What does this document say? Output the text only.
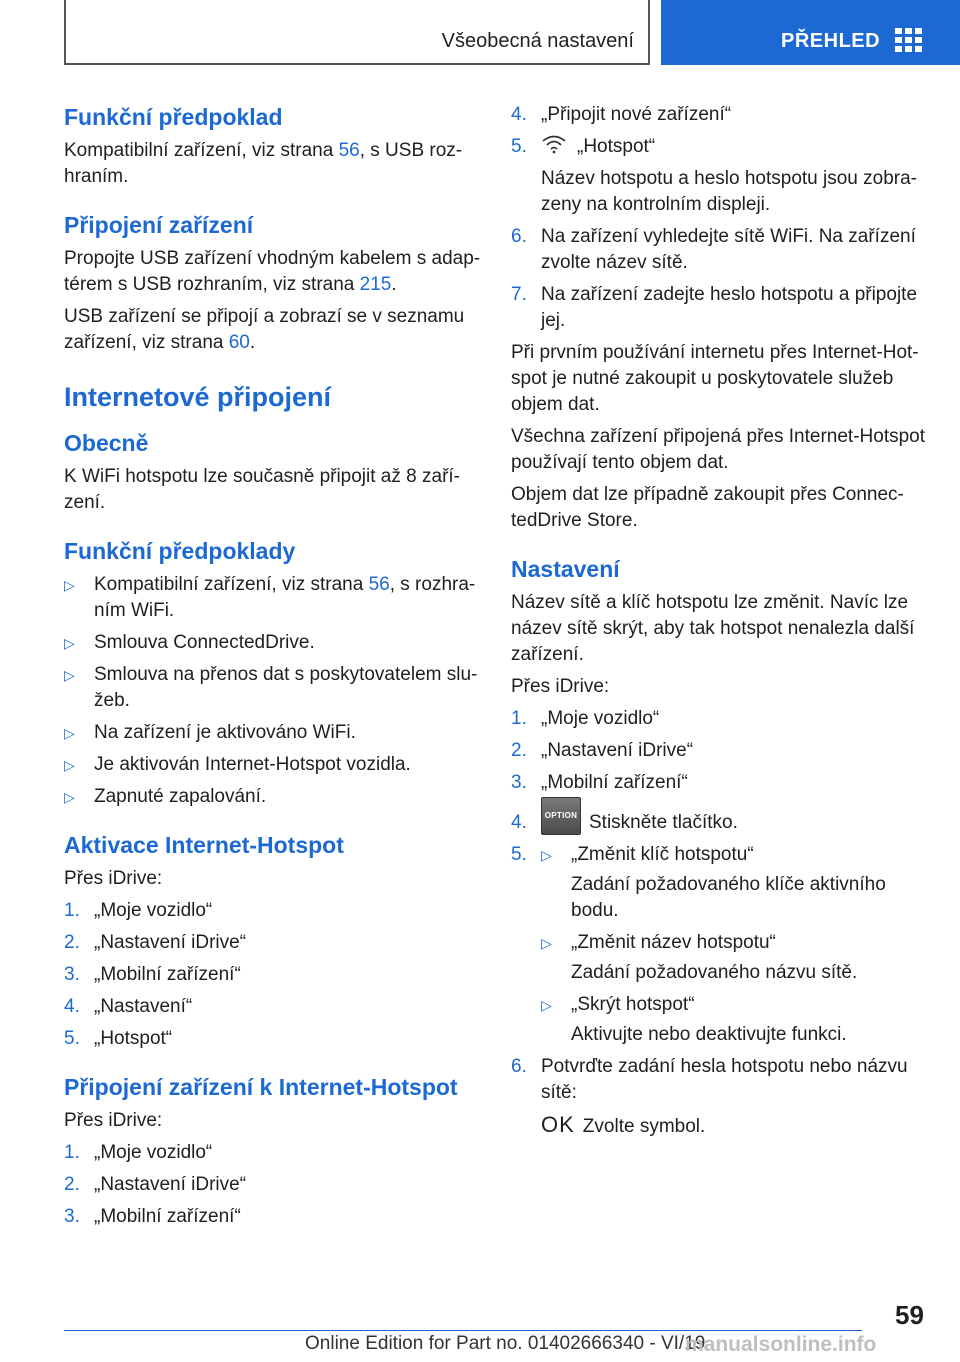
Všeobecná nastavení	PŘEHLED
Funkční předpoklad

Kompatibilní zařízení, viz strana 56, s USB roz‐ hraním.

Připojení zařízení

Propojte USB zařízení vhodným kabelem s adap‐ térem s USB rozhraním, viz strana 215.

USB zařízení se připojí a zobrazí se v seznamu zařízení, viz strana 60.

Internetové připojení
Obecně

K WiFi hotspotu lze současně připojit až 8 zaří‐ zení.

Funkční předpoklady
▷ Kompatibilní zařízení, viz strana 56, s rozhra‐ ním WiFi.
▷ Smlouva ConnectedDrive.
▷ Smlouva na přenos dat s poskytovatelem slu‐ žeb.
▷ Na zařízení je aktivováno WiFi.
▷ Je aktivován Internet-Hotspot vozidla.
▷ Zapnuté zapalování.
Aktivace Internet-Hotspot

Přes iDrive:

1. „Moje vozidlo“
2. „Nastavení iDrive“
3. „Mobilní zařízení“
4. „Nastavení“
5. „Hotspot“
Připojení zařízení k Internet-Hotspot

Přes iDrive:

1. „Moje vozidlo“
2. „Nastavení iDrive“
3. „Mobilní zařízení“
4. „Připojit nové zařízení“
5.	„Hotspot“

Název hotspotu a heslo hotspotu jsou zobra‐ zeny na kontrolním displeji.

6. Na zařízení vyhledejte sítě WiFi. Na zařízení zvolte název sítě.
7. Na zařízení zadejte heslo hotspotu a připojte jej.

Při prvním používání internetu přes Internet-Hot‐ spot je nutné zakoupit u poskytovatele služeb objem dat.

Všechna zařízení připojená přes Internet-Hotspot používají tento objem dat.

Objem dat lze případně zakoupit přes Connec‐ tedDrive Store.

Nastavení

Název sítě a klíč hotspotu lze změnit. Navíc lze název sítě skrýt, aby tak hotspot nenalezla další zařízení.

Přes iDrive:

1. „Moje vozidlo“
2. „Nastavení iDrive“
3. „Mobilní zařízení“
4. OPTION Stiskněte tlačítko.
5. ▷ „Změnit klíč hotspotu“

Zadání požadovaného klíče aktivního bodu.

▷ „Změnit název hotspotu“

Zadání požadovaného názvu sítě.

▷ „Skrýt hotspot“

Aktivujte nebo deaktivujte funkci.

6. Potvrďte zadání hesla hotspotu nebo názvu sítě:

OK Zvolte symbol.

59
Online Edition for Part no. 01402666340 - VI/19
manualsonline.info
